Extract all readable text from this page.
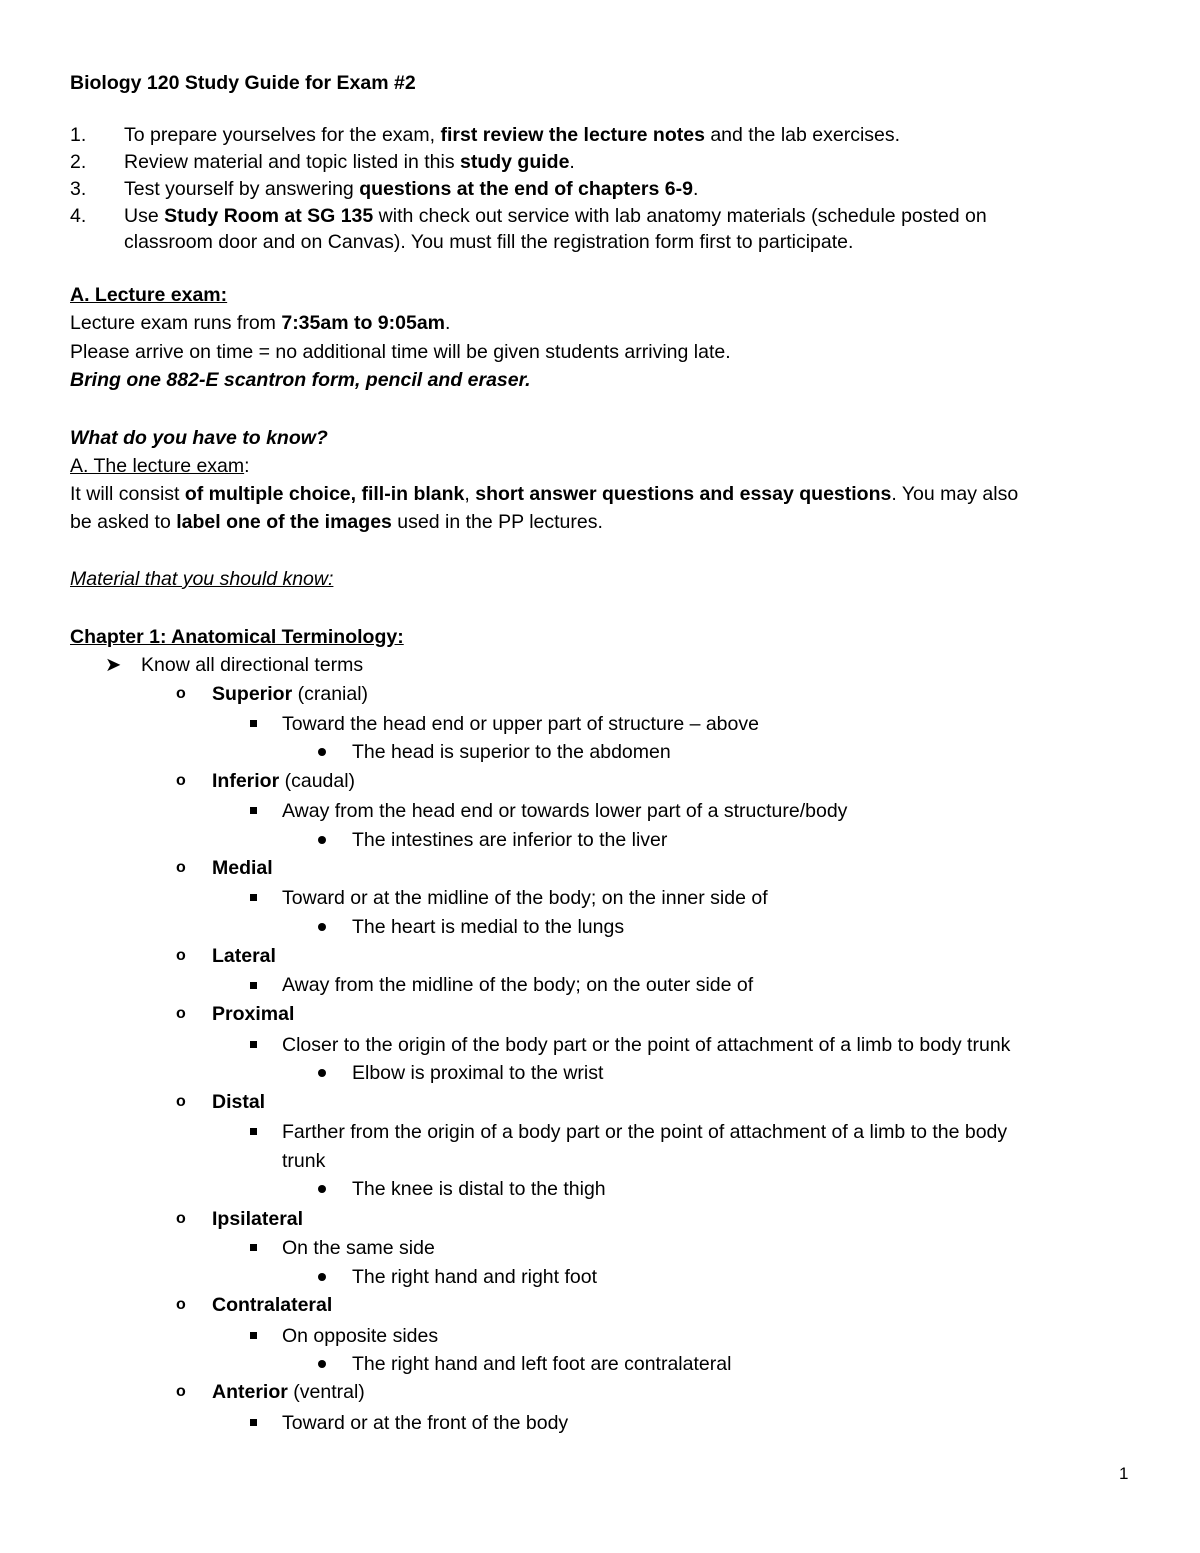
Biology 120 Study Guide for Exam #2
1. To prepare yourselves for the exam, first review the lecture notes and the lab exercises.
2. Review material and topic listed in this study guide.
3. Test yourself by answering questions at the end of chapters 6-9.
4. Use Study Room at SG 135 with check out service with lab anatomy materials (schedule posted on
classroom door and on Canvas). You must fill the registration form first to participate.
A. Lecture exam:
Lecture exam runs from 7:35am to 9:05am.
Please arrive on time = no additional time will be given students arriving late.
Bring one 882-E scantron form, pencil and eraser.
What do you have to know?
A. The lecture exam:
It will consist of multiple choice, fill-in blank, short answer questions and essay questions. You may also
be asked to label one of the images used in the PP lectures.
Material that you should know:
Chapter 1: Anatomical Terminology:
➤ Know all directional terms
o Superior (cranial)
Toward the head end or upper part of structure – above
The head is superior to the abdomen
o Inferior (caudal)
Away from the head end or towards lower part of a structure/body
The intestines are inferior to the liver
o Medial
Toward or at the midline of the body; on the inner side of
The heart is medial to the lungs
o Lateral
Away from the midline of the body; on the outer side of
o Proximal
Closer to the origin of the body part or the point of attachment of a limb to body trunk
Elbow is proximal to the wrist
o Distal
Farther from the origin of a body part or the point of attachment of a limb to the body
trunk
The knee is distal to the thigh
o Ipsilateral
On the same side
The right hand and right foot
o Contralateral
On opposite sides
The right hand and left foot are contralateral
o Anterior (ventral)
Toward or at the front of the body
1
